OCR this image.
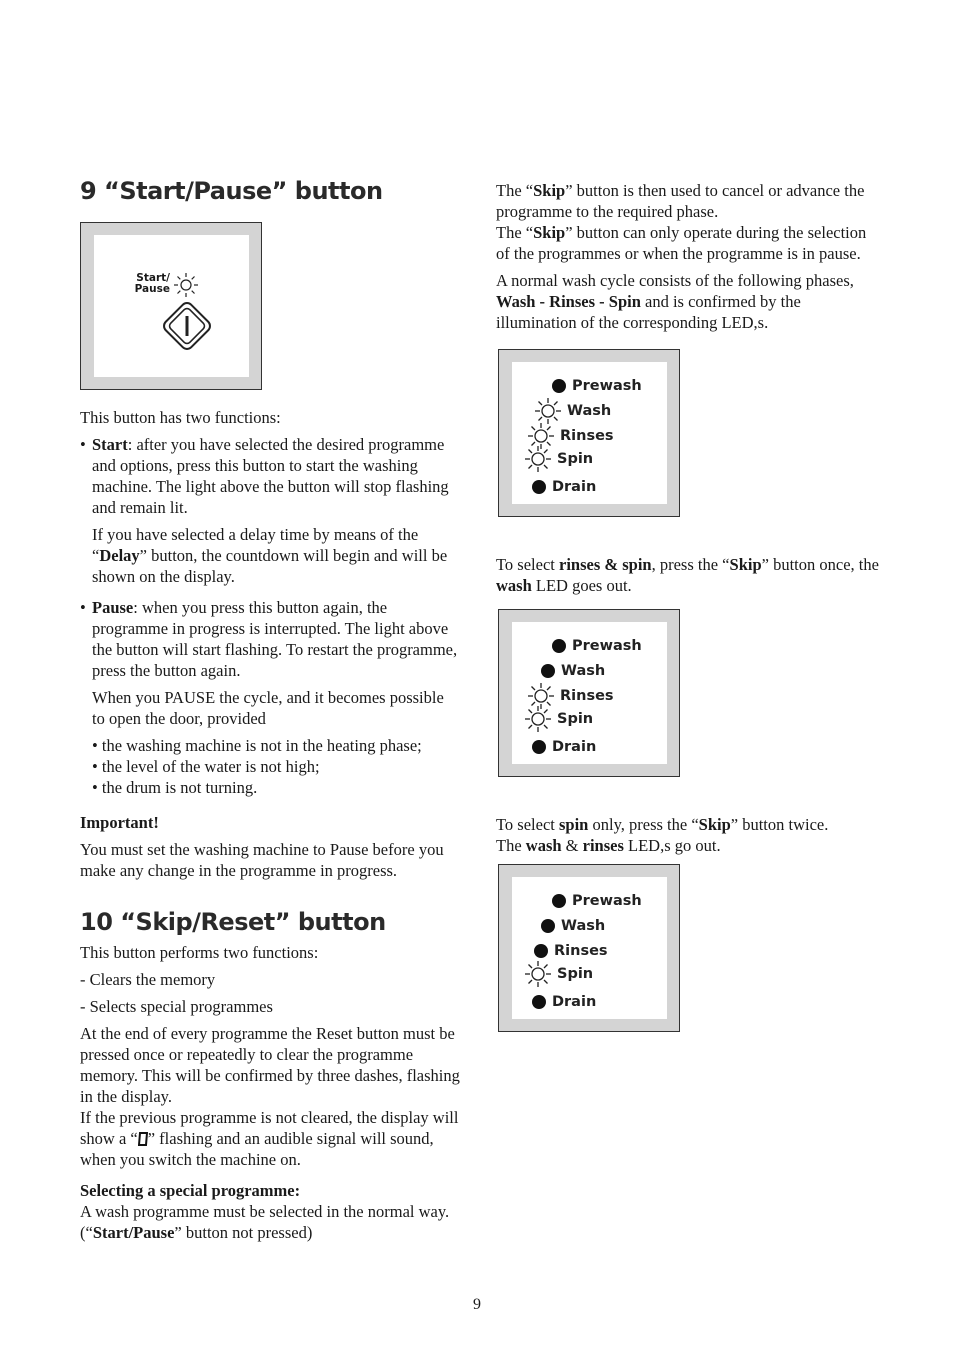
9 “Start/Pause” button
Start/
Pause

This button has two functions:

• Start: after you have selected the desired programme and options, press this button to start the washing machine. The light above the button will stop flashing and remain lit.

If you have selected a delay time by means of the “Delay” button, the countdown will begin and will be shown on the display.

• Pause: when you press this button again, the programme in progress is interrupted. The light above the button will start flashing. To restart the programme, press the button again.

When you PAUSE the cycle, and it becomes possible to open the door, provided

• the washing machine is not in the heating phase;

• the level of the water is not high;

• the drum is not turning.

Important!

You must set the washing machine to Pause before you make any change in the programme in progress.

10 “Skip/Reset” button

This button performs two functions:

- Clears the memory

- Selects special programmes

At the end of every programme the Reset button must be pressed once or repeatedly to clear the programme memory. This will be confirmed by three dashes, flashing in the display.

If the previous programme is not cleared, the display will show a “ ” flashing and an audible signal will sound, when you switch the machine on.

Selecting a special programme:

A wash programme must be selected in the normal way.

(“Start/Pause” button not pressed)

The “Skip” button is then used to cancel or advance the programme to the required phase.

The “Skip” button can only operate during the selection of the programmes or when the programme is in pause.

A normal wash cycle consists of the following phases,
Wash - Rinses - Spin and is confirmed by the illumination of the corresponding LED,s.

Prewash
Wash
Rinses
Spin
Drain

To select rinses & spin, press the “Skip” button once, the wash LED goes out.

Prewash
Wash
Rinses
Spin
Drain

To select spin only, press the “Skip” button twice.
The wash & rinses LED,s go out.

Prewash
Wash
Rinses
Spin
Drain
9
